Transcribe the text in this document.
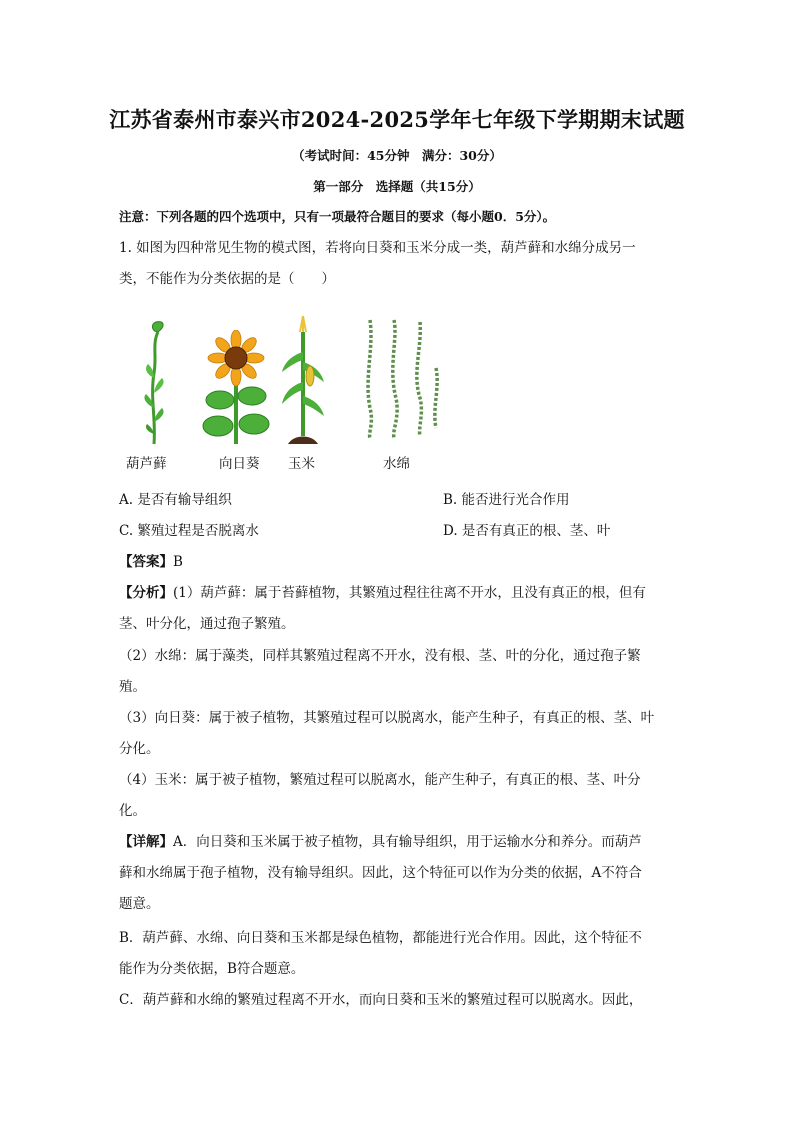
江苏省泰州市泰兴市2024-2025学年七年级下学期期末试题
（考试时间：45分钟　满分：30分）
第一部分　选择题（共15分）
注意：下列各题的四个选项中，只有一项最符合题目的要求（每小题0．5分）。
1. 如图为四种常见生物的模式图，若将向日葵和玉米分成一类，葫芦藓和水绵分成另一
类，不能作为分类依据的是（　　）
葫芦藓	向日葵 玉米	水绵
A. 是否有输导组织	B. 能否进行光合作用
C. 繁殖过程是否脱离水	D. 是否有真正的根、茎、叶
【答案】B
【分析】(1）葫芦藓：属于苔藓植物，其繁殖过程往往离不开水，且没有真正的根，但有
茎、叶分化，通过孢子繁殖。
（2）水绵：属于藻类，同样其繁殖过程离不开水，没有根、茎、叶的分化，通过孢子繁
殖。
（3）向日葵：属于被子植物，其繁殖过程可以脱离水，能产生种子，有真正的根、茎、叶
分化。
（4）玉米：属于被子植物，繁殖过程可以脱离水，能产生种子，有真正的根、茎、叶分
化。
【详解】A．向日葵和玉米属于被子植物，具有输导组织，用于运输水分和养分。而葫芦
藓和水绵属于孢子植物，没有输导组织。因此，这个特征可以作为分类的依据，A不符合
题意。
B．葫芦藓、水绵、向日葵和玉米都是绿色植物，都能进行光合作用。因此，这个特征不
能作为分类依据，B符合题意。
C．葫芦藓和水绵的繁殖过程离不开水，而向日葵和玉米的繁殖过程可以脱离水。因此，
